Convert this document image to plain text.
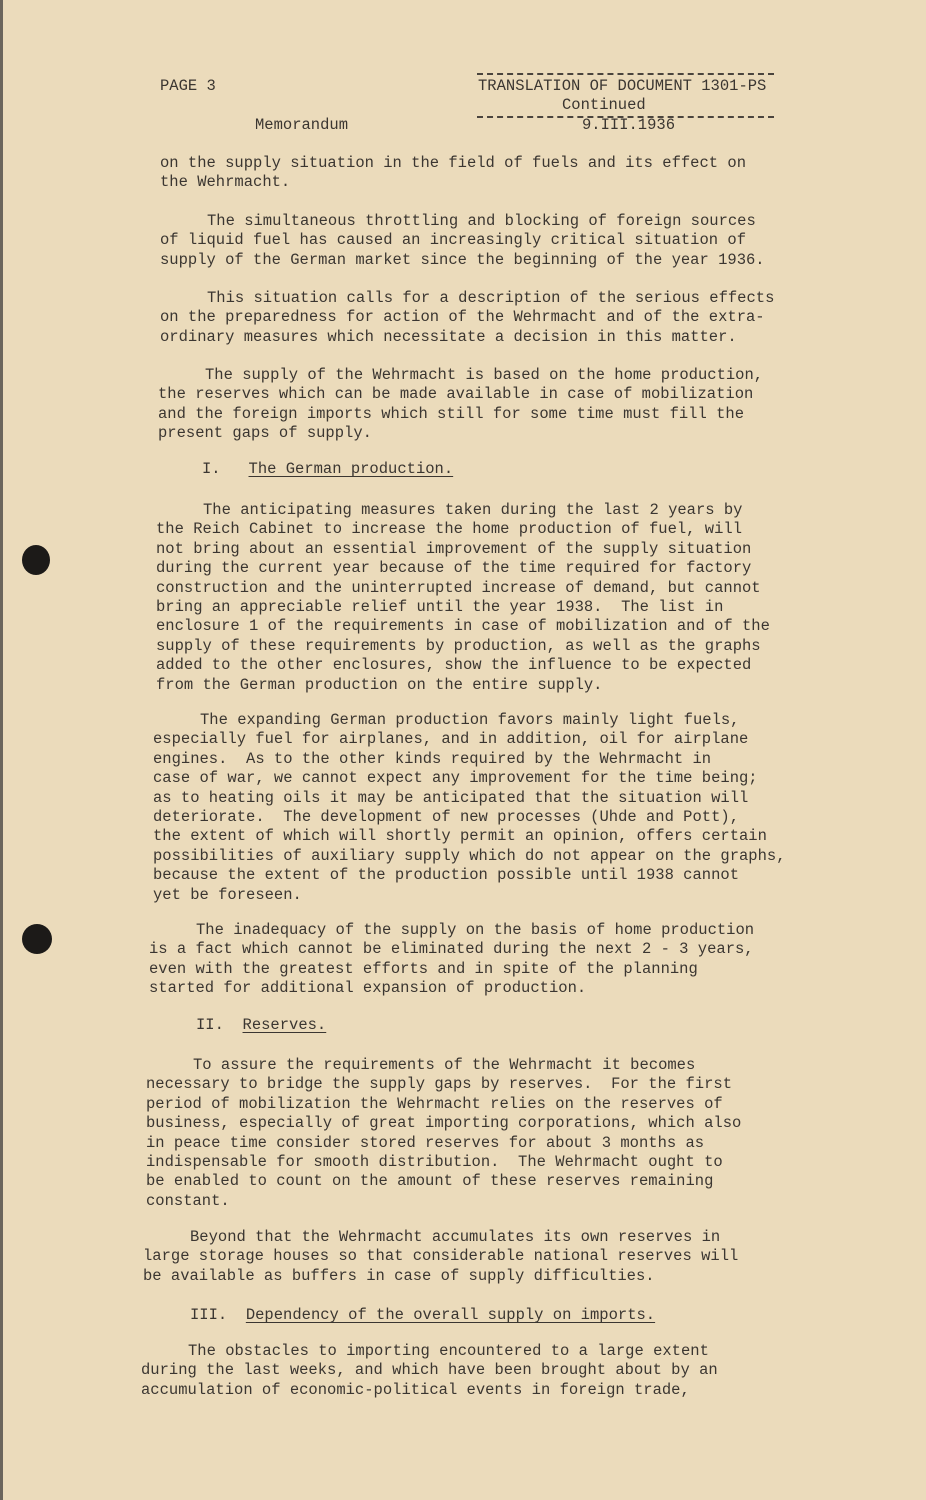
PAGE 3	TRANSLATION OF DOCUMENT 1301-PS
Continued
9.III.1936
Memorandum
on the supply situation in the field of fuels and its effect on
the Wehrmacht.
The simultaneous throttling and blocking of foreign sources
of liquid fuel has caused an increasingly critical situation of
supply of the German market since the beginning of the year 1936.
This situation calls for a description of the serious effects
on the preparedness for action of the Wehrmacht and of the extra-
ordinary measures which necessitate a decision in this matter.
The supply of the Wehrmacht is based on the home production,
the reserves which can be made available in case of mobilization
and the foreign imports which still for some time must fill the
present gaps of supply.
I. The German production.
The anticipating measures taken during the last 2 years by
the Reich Cabinet to increase the home production of fuel, will
not bring about an essential improvement of the supply situation
during the current year because of the time required for factory
construction and the uninterrupted increase of demand, but cannot
bring an appreciable relief until the year 1938.  The list in
enclosure 1 of the requirements in case of mobilization and of the
supply of these requirements by production, as well as the graphs
added to the other enclosures, show the influence to be expected
from the German production on the entire supply.
The expanding German production favors mainly light fuels,
especially fuel for airplanes, and in addition, oil for airplane
engines.  As to the other kinds required by the Wehrmacht in
case of war, we cannot expect any improvement for the time being;
as to heating oils it may be anticipated that the situation will
deteriorate.  The development of new processes (Uhde and Pott),
the extent of which will shortly permit an opinion, offers certain
possibilities of auxiliary supply which do not appear on the graphs,
because the extent of the production possible until 1938 cannot
yet be foreseen.
The inadequacy of the supply on the basis of home production
is a fact which cannot be eliminated during the next 2 - 3 years,
even with the greatest efforts and in spite of the planning
started for additional expansion of production.
II. Reserves.
To assure the requirements of the Wehrmacht it becomes
necessary to bridge the supply gaps by reserves.  For the first
period of mobilization the Wehrmacht relies on the reserves of
business, especially of great importing corporations, which also
in peace time consider stored reserves for about 3 months as
indispensable for smooth distribution.  The Wehrmacht ought to
be enabled to count on the amount of these reserves remaining
constant.
Beyond that the Wehrmacht accumulates its own reserves in
large storage houses so that considerable national reserves will
be available as buffers in case of supply difficulties.
III. Dependency of the overall supply on imports.
The obstacles to importing encountered to a large extent
during the last weeks, and which have been brought about by an
accumulation of economic-political events in foreign trade,
